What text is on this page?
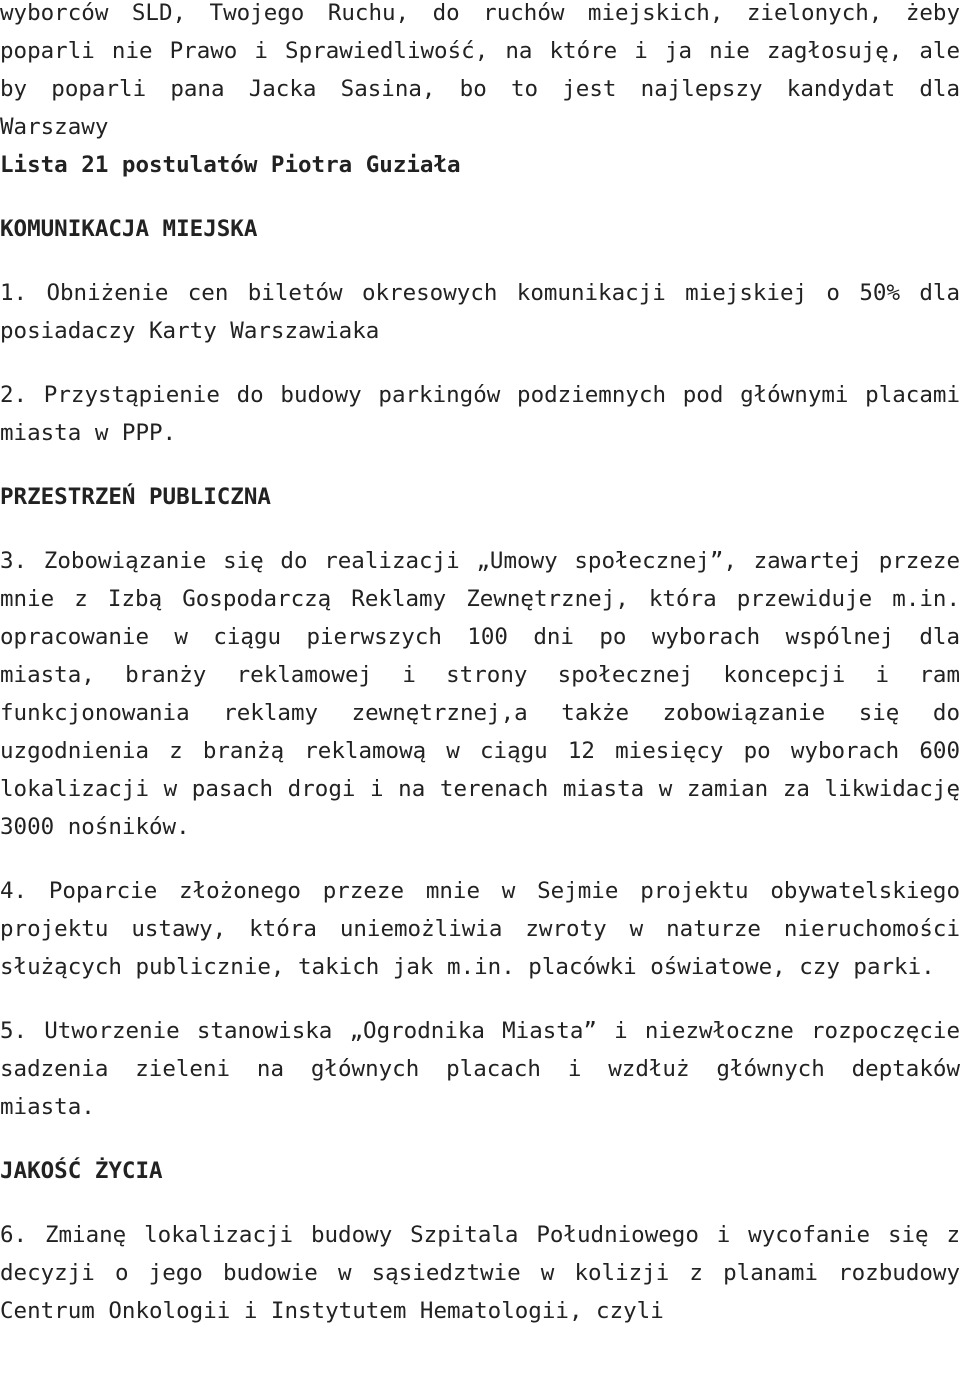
wyborców SLD, Twojego Ruchu, do ruchów miejskich, zielonych, żeby poparli nie Prawo i Sprawiedliwość, na które i ja nie zagłosuję, ale by poparli pana Jacka Sasina, bo to jest najlepszy kandydat dla Warszawy

Lista 21 postulatów Piotra Guziała

KOMUNIKACJA MIEJSKA

1. Obniżenie cen biletów okresowych komunikacji miejskiej o 50% dla posiadaczy Karty Warszawiaka

2. Przystąpienie do budowy parkingów podziemnych pod głównymi placami miasta w PPP.

PRZESTRZEŃ PUBLICZNA

3. Zobowiązanie się do realizacji „Umowy społecznej”, zawartej przeze mnie z Izbą Gospodarczą Reklamy Zewnętrznej, która przewiduje m.in. opracowanie w ciągu pierwszych 100 dni po wyborach wspólnej dla miasta, branży reklamowej i strony społecznej koncepcji i ram funkcjonowania reklamy zewnętrznej,a także zobowiązanie się do uzgodnienia z branżą reklamową w ciągu 12 miesięcy po wyborach 600 lokalizacji w pasach drogi i na terenach miasta w zamian za likwidację 3000 nośników.

4. Poparcie złożonego przeze mnie w Sejmie projektu obywatelskiego projektu ustawy, która uniemożliwia zwroty w naturze nieruchomości służących publicznie, takich jak m.in. placówki oświatowe, czy parki.

5. Utworzenie stanowiska „Ogrodnika Miasta” i niezwłoczne rozpoczęcie sadzenia zieleni na głównych placach i wzdłuż głównych deptaków miasta.

JAKOŚĆ ŻYCIA

6. Zmianę lokalizacji budowy Szpitala Południowego i wycofanie się z decyzji o jego budowie w sąsiedztwie w kolizji z planami rozbudowy Centrum Onkologii i Instytutem Hematologii, czyli
